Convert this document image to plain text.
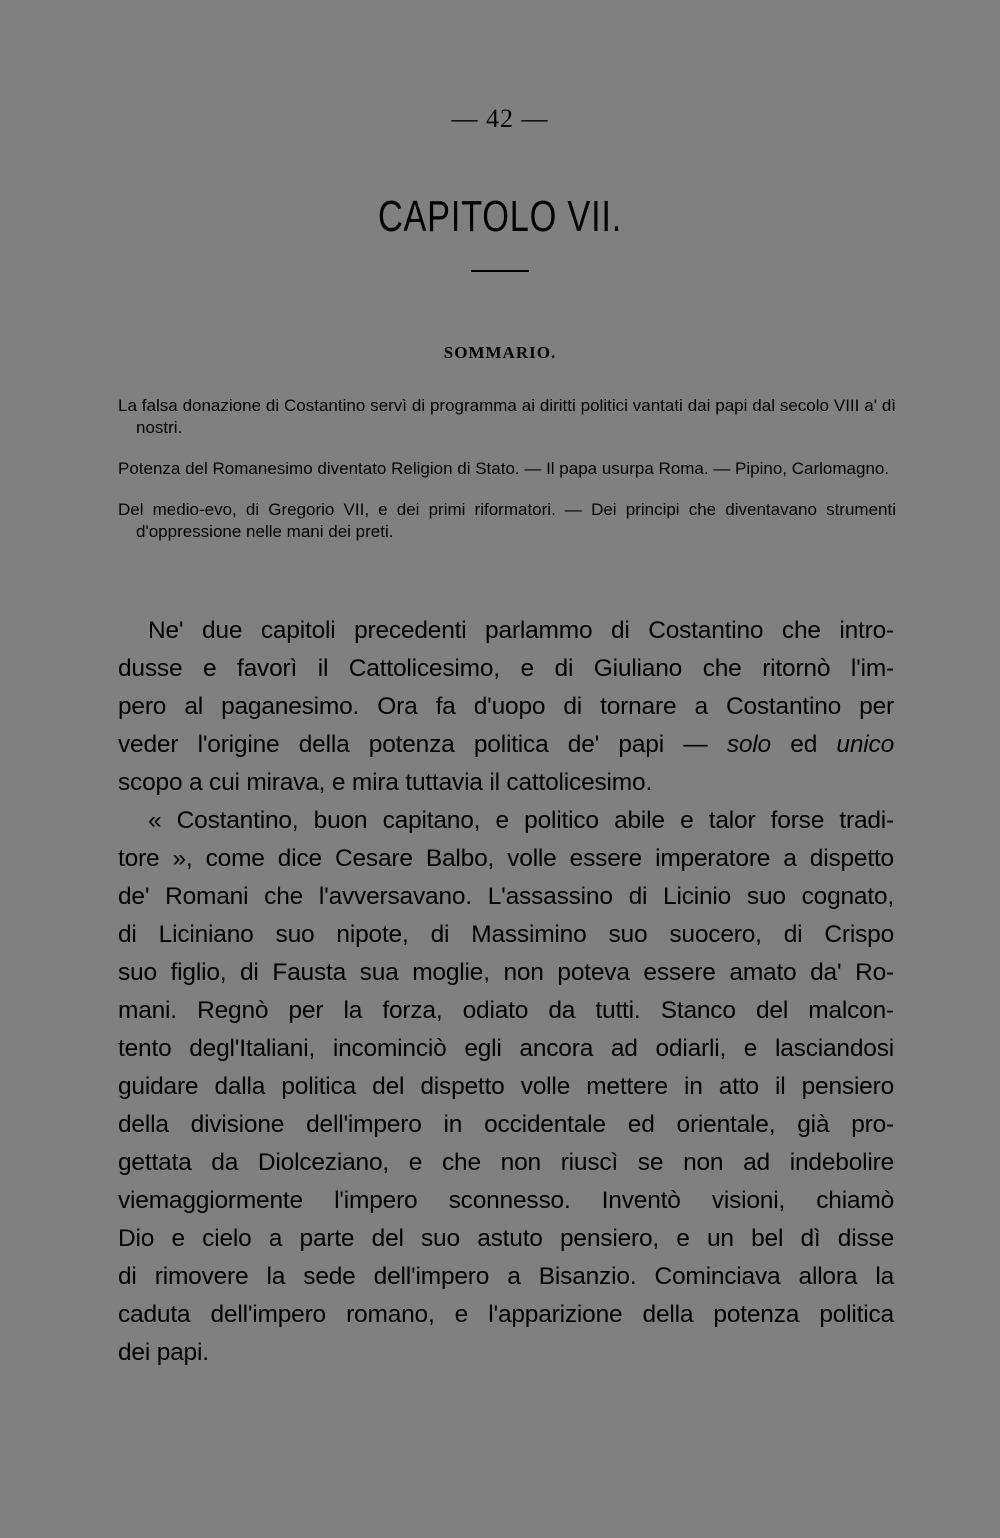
— 42 —
CAPITOLO VII.
SOMMARIO.

La falsa donazione di Costantino servì di programma ai diritti politici vantati dai papi dal secolo VIII a' dì nostri.

Potenza del Romanesimo diventato Religion di Stato. — Il papa usurpa Roma. — Pipino, Carlomagno.

Del medio-evo, di Gregorio VII, e dei primi riformatori. — Dei principi che diventavano strumenti d'oppressione nelle mani dei preti.

Ne' due capitoli precedenti parlammo di Costantino che intro-
dusse e favorì il Cattolicesimo, e di Giuliano che ritornò l'im-
pero al paganesimo. Ora fa d'uopo di tornare a Costantino per
veder l'origine della potenza politica de' papi — solo ed unico
scopo a cui mirava, e mira tuttavia il cattolicesimo.
« Costantino, buon capitano, e politico abile e talor forse tradi-
tore », come dice Cesare Balbo, volle essere imperatore a dispetto
de' Romani che l'avversavano. L'assassino di Licinio suo cognato,
di Liciniano suo nipote, di Massimino suo suocero, di Crispo
suo figlio, di Fausta sua moglie, non poteva essere amato da' Ro-
mani. Regnò per la forza, odiato da tutti. Stanco del malcon-
tento degl'Italiani, incominciò egli ancora ad odiarli, e lasciandosi
guidare dalla politica del dispetto volle mettere in atto il pensiero
della divisione dell'impero in occidentale ed orientale, già pro-
gettata da Diolceziano, e che non riuscì se non ad indebolire
viemaggiormente l'impero sconnesso. Inventò visioni, chiamò
Dio e cielo a parte del suo astuto pensiero, e un bel dì disse
di rimovere la sede dell'impero a Bisanzio. Cominciava allora la
caduta dell'impero romano, e l'apparizione della potenza politica
dei papi.
